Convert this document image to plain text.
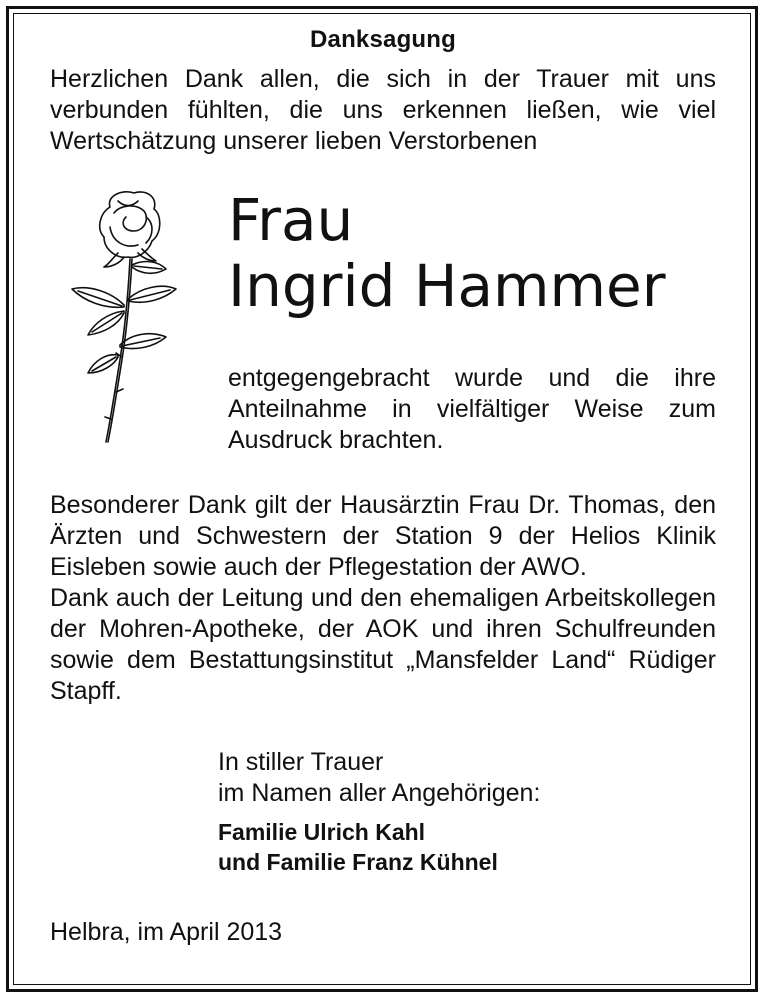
Danksagung

Herzlichen Dank allen, die sich in der Trauer mit uns verbunden fühlten, die uns erkennen ließen, wie viel Wertschätzung unserer lieben Verstorbenen

Frau
Ingrid Hammer

entgegengebracht wurde und die ihre Anteilnahme in vielfältiger Weise zum Ausdruck brachten.

Besonderer Dank gilt der Hausärztin Frau Dr. Thomas, den Ärzten und Schwestern der Station 9 der Helios Klinik Eisleben sowie auch der Pflegestation der AWO.

Dank auch der Leitung und den ehemaligen Arbeitskollegen der Mohren-Apotheke, der AOK und ihren Schulfreunden sowie dem Bestattungsinstitut „Mansfelder Land“ Rüdiger Stapff.

In stiller Trauer
im Namen aller Angehörigen:
Familie Ulrich Kahl
und Familie Franz Kühnel
Helbra, im April 2013
